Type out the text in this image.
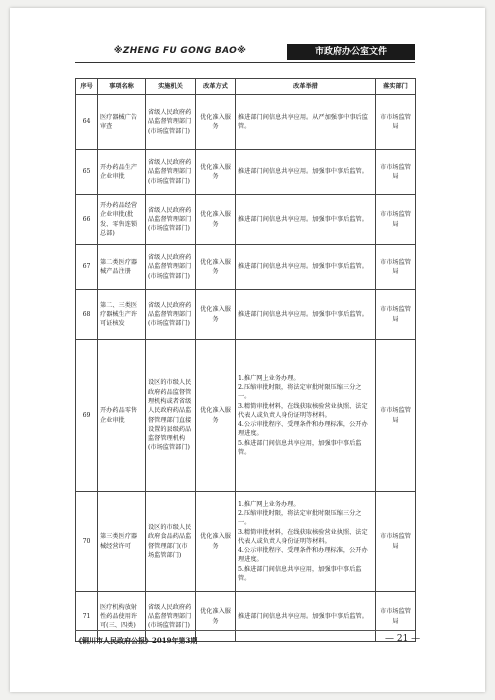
※ZHENG FU GONG BAO※	市政府办公室文件
序号	事项名称	实施机关	改革方式	改革举措	落实部门
64	医疗器械广告审查	省级人民政府药品监督管理部门(市场监管部门)	优化准入服务	推进部门间信息共享应用。从严加强事中事后监管。	市市场监管局
65	开办药品生产企业审批	省级人民政府药品监督管理部门(市场监管部门)	优化准入服务	推进部门间信息共享应用。加强事中事后监管。	市市场监管局
66	开办药品经营企业审批(批发、零售连锁总部)	省级人民政府药品监督管理部门(市场监管部门)	优化准入服务	推进部门间信息共享应用。加强事中事后监管。	市市场监管局
67	第二类医疗器械产品注册	省级人民政府药品监督管理部门(市场监管部门)	优化准入服务	推进部门间信息共享应用。加强事中事后监管。	市市场监管局
68	第二、三类医疗器械生产许可证核发	省级人民政府药品监督管理部门(市场监管部门)	优化准入服务	推进部门间信息共享应用。加强事中事后监管。	市市场监管局
69	开办药品零售企业审批	设区的市级人民政府药品监督管理机构或者省级人民政府药品监督管理部门直接设置的县级药品监督管理机构(市场监管部门)	优化准入服务	1.推广网上业务办理。
2.压缩审批时限，将法定审批时限压缩三分之一。
3.精简审批材料，在线获取核验营业执照、法定代表人或负责人身份证明等材料。
4.公示审批程序、受理条件和办理标准，公开办理进度。
5.推进部门间信息共享应用，加强事中事后监管。	市市场监管局
70	第三类医疗器械经营许可	设区的市级人民政府食品药品监督管理部门(市场监管部门)	优化准入服务	1.推广网上业务办理。
2.压缩审批时限，将法定审批时限压缩三分之一。
3.精简审批材料，在线获取核验营业执照、法定代表人或负责人身份证明等材料。
4.公示审批程序、受理条件和办理标准，公开办理进度。
5.推进部门间信息共享应用，加强事中事后监管。	市市场监管局
71	医疗机构放射性药品使用许可(三、四类)	省级人民政府药品监督管理部门(市场监管部门)	优化准入服务	推进部门间信息共享应用。加强事中事后监管。	市市场监管局
《铜川市人民政府公报》2019年第3期	— 21 —
